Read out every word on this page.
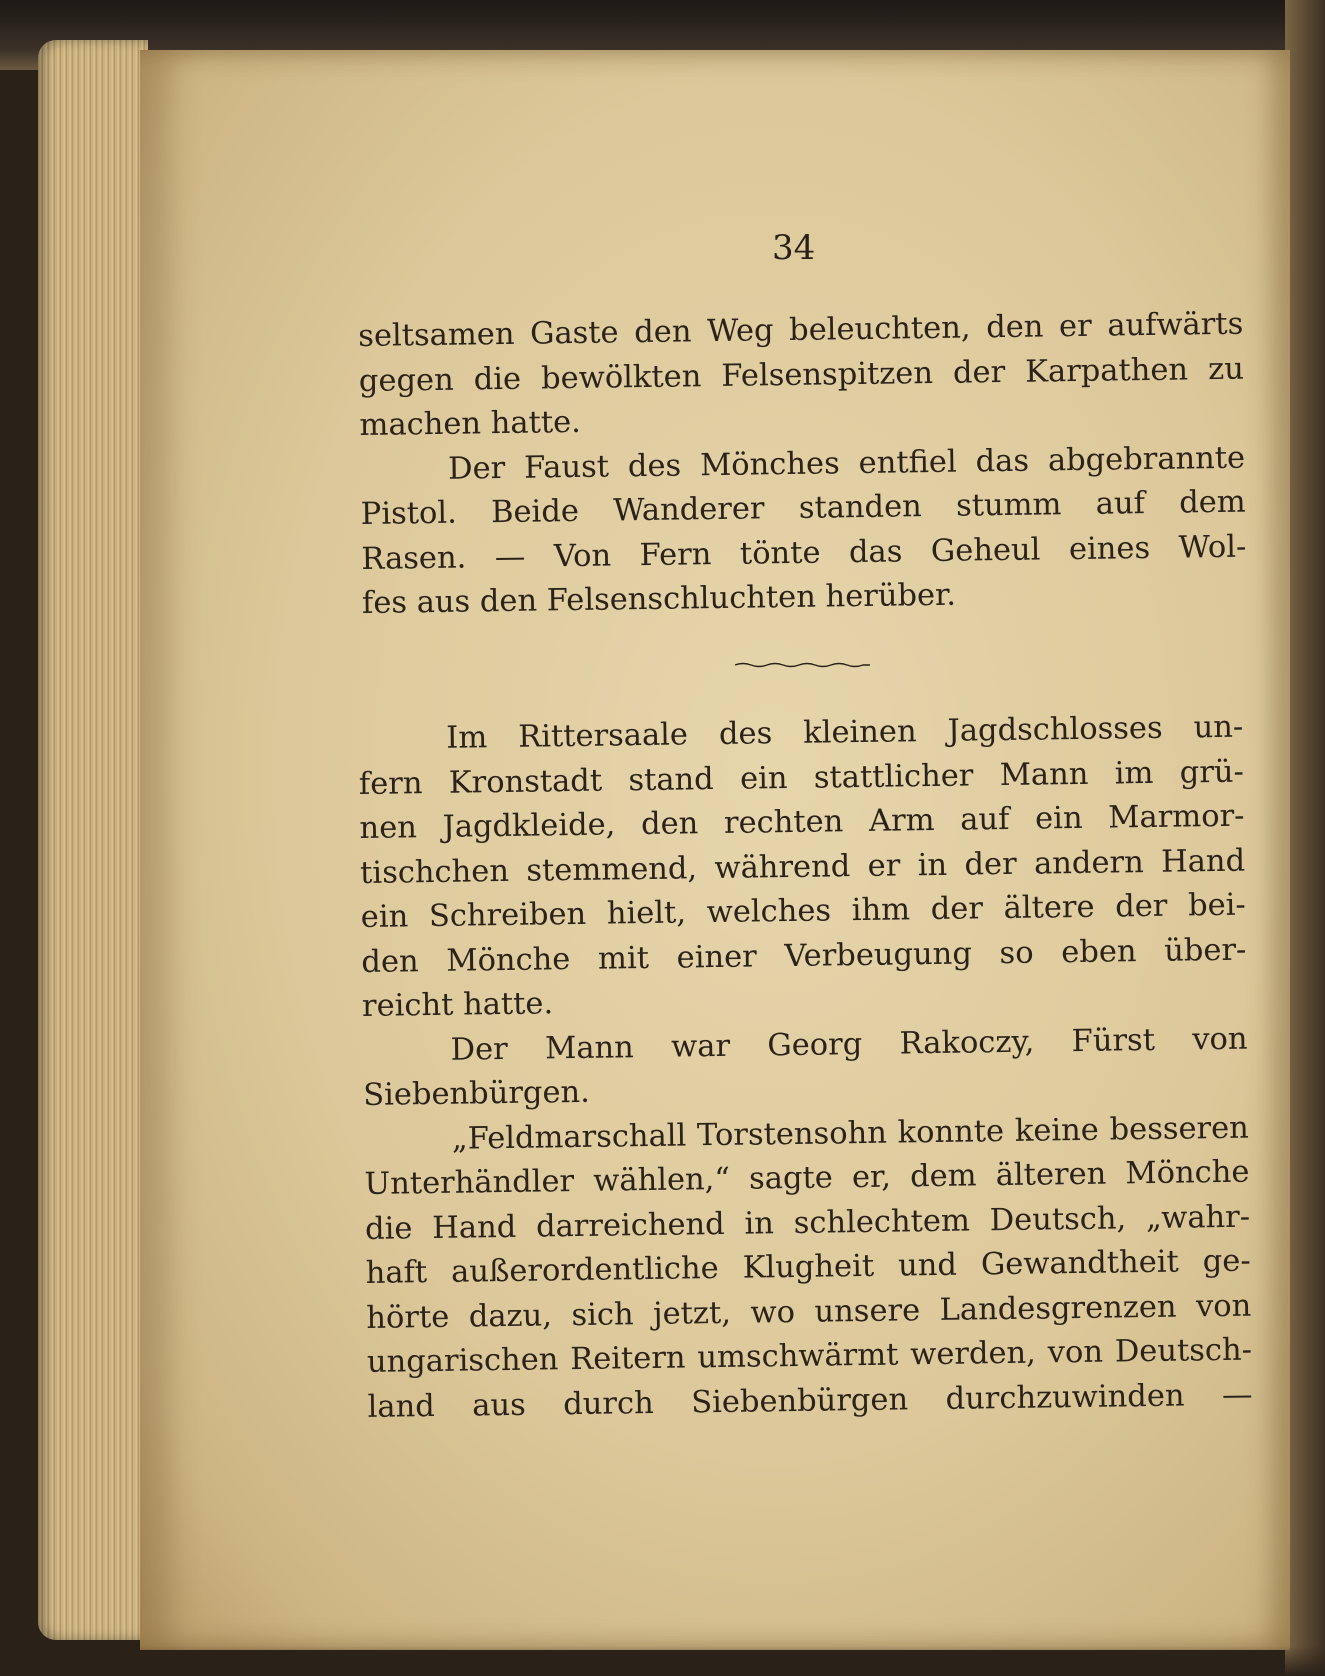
34
seltsamen Gaste den Weg beleuchten, den er aufwärts
gegen die bewölkten Felsenspitzen der Karpathen zu
machen hatte.
Der Faust des Mönches entfiel das abgebrannte
Pistol. Beide Wanderer standen stumm auf dem
Rasen. — Von Fern tönte das Geheul eines Wol-
fes aus den Felsenschluchten herüber.
Im Rittersaale des kleinen Jagdschlosses un-
fern Kronstadt stand ein stattlicher Mann im grü-
nen Jagdkleide, den rechten Arm auf ein Marmor-
tischchen stemmend, während er in der andern Hand
ein Schreiben hielt, welches ihm der ältere der bei-
den Mönche mit einer Verbeugung so eben über-
reicht hatte.
Der Mann war Georg Rakoczy, Fürst von
Siebenbürgen.
„Feldmarschall Torstensohn konnte keine besseren
Unterhändler wählen,“ sagte er, dem älteren Mönche
die Hand darreichend in schlechtem Deutsch, „wahr-
haft außerordentliche Klugheit und Gewandtheit ge-
hörte dazu, sich jetzt, wo unsere Landesgrenzen von
ungarischen Reitern umschwärmt werden, von Deutsch-
land aus durch Siebenbürgen durchzuwinden —
